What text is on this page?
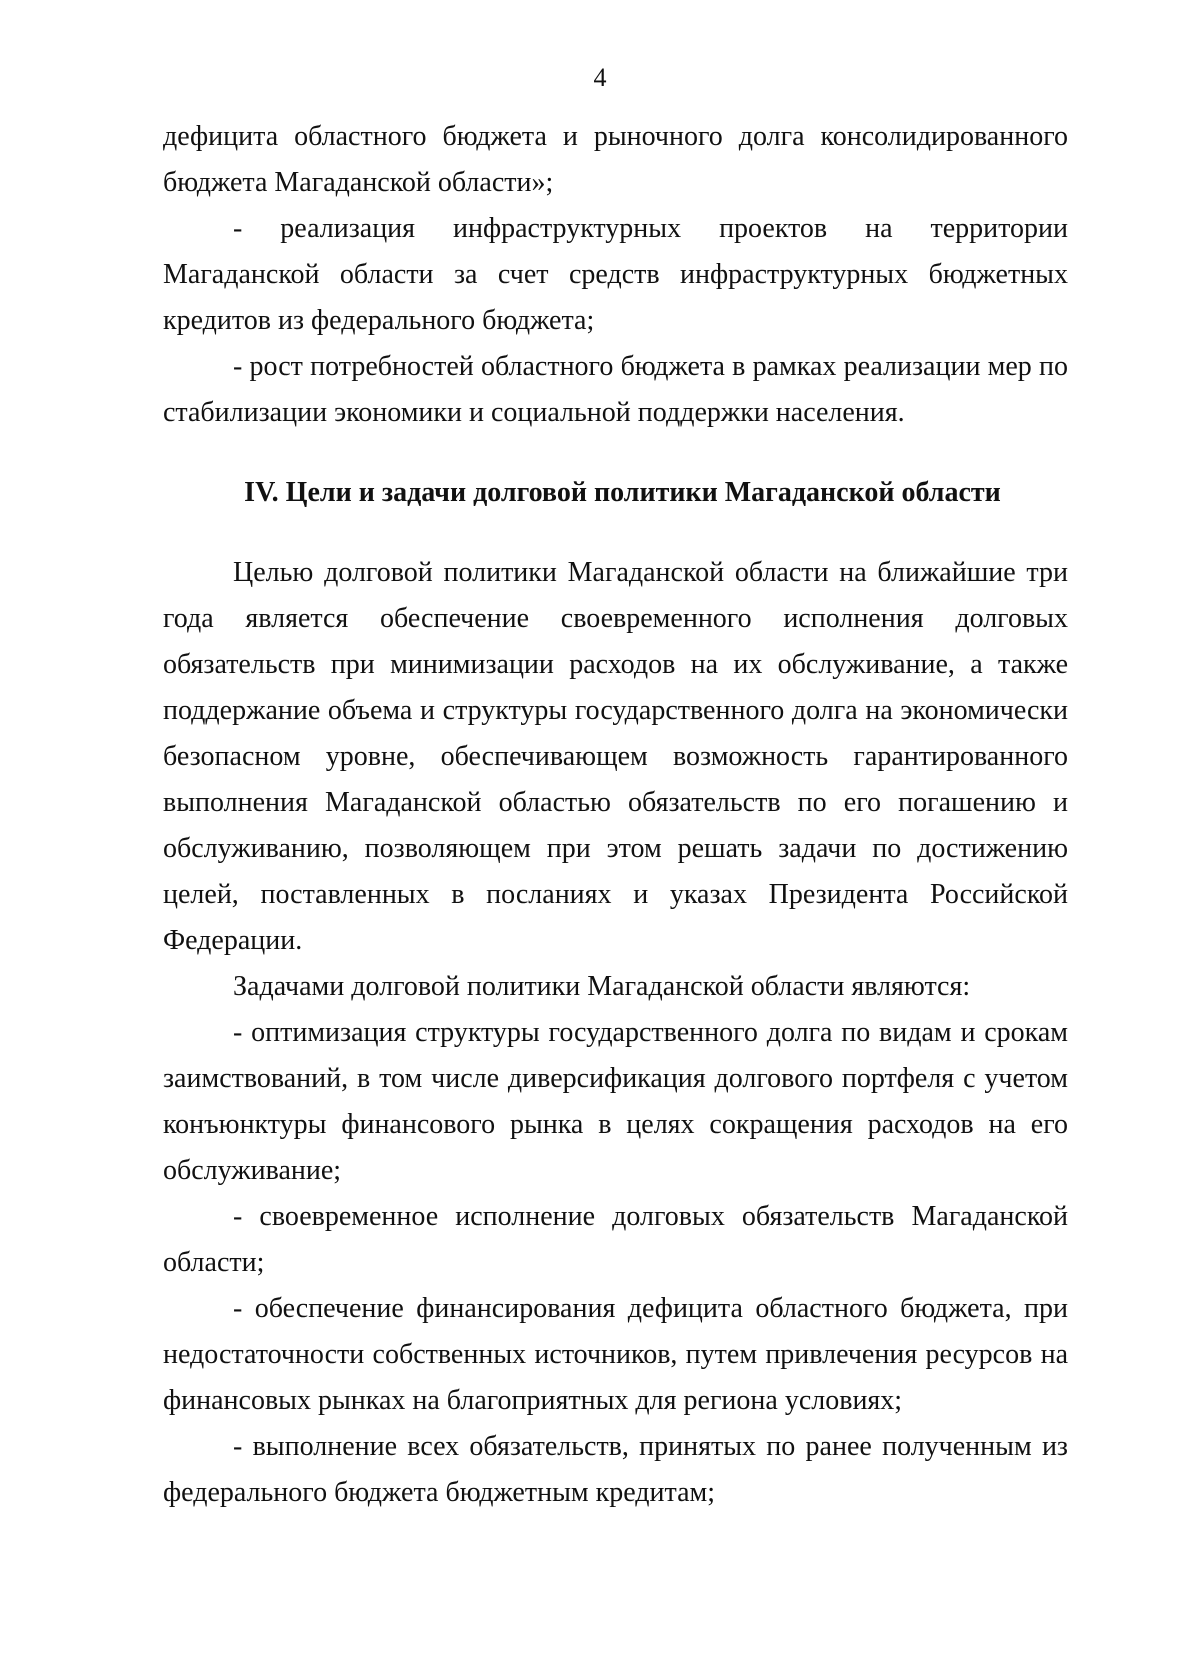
4

дефицита областного бюджета и рыночного долга консолидированного бюджета Магаданской области»;

- реализация инфраструктурных проектов на территории Магаданской области за счет средств инфраструктурных бюджетных кредитов из федерального бюджета;

- рост потребностей областного бюджета в рамках реализации мер по стабилизации экономики и социальной поддержки населения.

IV. Цели и задачи долговой политики Магаданской области

Целью долговой политики Магаданской области на ближайшие три года является обеспечение своевременного исполнения долговых обязательств при минимизации расходов на их обслуживание, а также поддержание объема и структуры государственного долга на экономически безопасном уровне, обеспечивающем возможность гарантированного выполнения Магаданской областью обязательств по его погашению и обслуживанию, позволяющем при этом решать задачи по достижению целей, поставленных в посланиях и указах Президента Российской Федерации.

Задачами долговой политики Магаданской области являются:

- оптимизация структуры государственного долга по видам и срокам заимствований, в том числе диверсификация долгового портфеля с учетом конъюнктуры финансового рынка в целях сокращения расходов на его обслуживание;

- своевременное исполнение долговых обязательств Магаданской области;

- обеспечение финансирования дефицита областного бюджета, при недостаточности собственных источников, путем привлечения ресурсов на финансовых рынках на благоприятных для региона условиях;

- выполнение всех обязательств, принятых по ранее полученным из федерального бюджета бюджетным кредитам;
